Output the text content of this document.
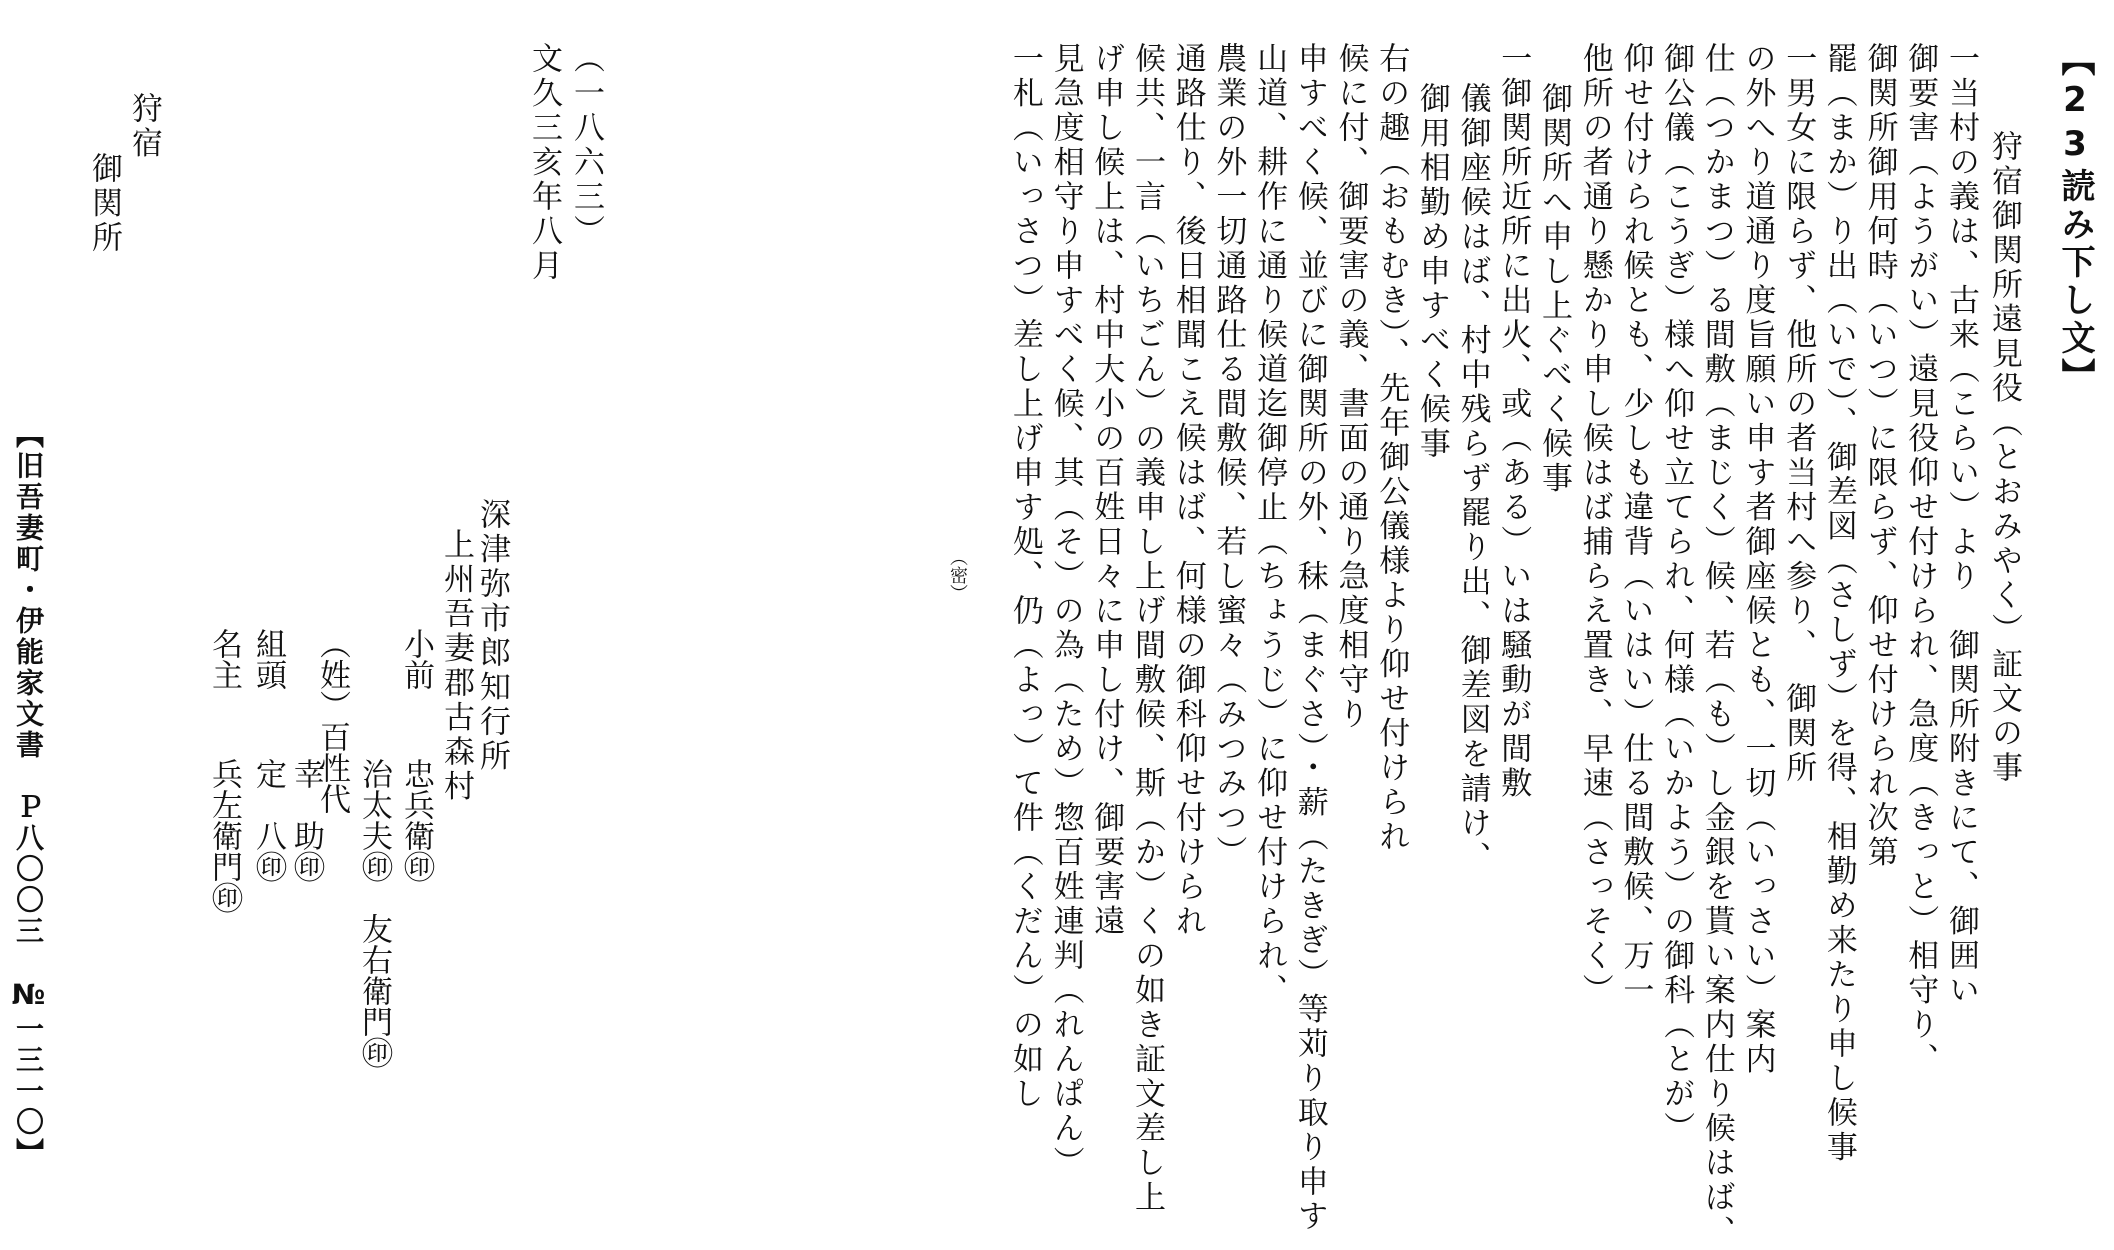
【23読み下し文】
狩宿御関所遠見役（とおみやく）証文の事
一当村の義は、古来（こらい）より　御関所附きにて、御囲い
御要害（ようがい）遠見役仰せ付けられ、急度（きっと）相守り、
御関所御用何時（いつ）に限らず、仰せ付けられ次第
罷（まか）り出（いで）、御差図（さしず）を得、相勤め来たり申し候事
一男女に限らず、他所の者当村へ参り、　御関所
の外へり道通り度旨願い申す者御座候とも、一切（いっさい）案内
仕（つかまつ）る間敷（まじく）候、若（も）し金銀を貰い案内仕り候はば、
御公儀（こうぎ）様へ仰せ立てられ、何様（いかよう）の御科（とが）
仰せ付けられ候とも、少しも違背（いはい）仕る間敷候、万一
他所の者通り懸かり申し候はば捕らえ置き、早速（さっそく）
御関所へ申し上ぐべく候事
一御関所近所に出火、或（ある）いは騒動が間敷
儀御座候はば、村中残らず罷り出、御差図を請け、
御用相勤め申すべく候事
右の趣（おもむき）、先年御公儀様より仰せ付けられ
候に付、御要害の義、書面の通り急度相守り
申すべく候、並びに御関所の外、秣（まぐさ）・薪（たきぎ）等苅り取り申す
山道、耕作に通り候道迄御停止（ちょうじ）に仰せ付けられ、
農業の外一切通路仕る間敷候、若し蜜々（みつみつ）
通路仕り、後日相聞こえ候はば、何様の御科仰せ付けられ
候共、一言（いちごん）の義申し上げ間敷候、斯（か）くの如き証文差し上
げ申し候上は、村中大小の百姓日々に申し付け、御要害遠
見急度相守り申すべく候、其（そ）の為（ため）惣百姓連判（れんぱん）
一札（いっさつ）差し上げ申す処、仍（よっ）て件（くだん）の如し
（密）
（一八六三）
文久三亥年八月
深津弥市郎知行所
上州吾妻郡古森村
小前
（姓）百性代
組頭
名主
忠兵衛㊞
治太夫㊞　友右衛門㊞
幸　助㊞
定　八㊞
兵左衛門㊞
狩宿
御関所
【旧吾妻町・伊能家文書　Ｐ八〇〇三　№一三一〇】
